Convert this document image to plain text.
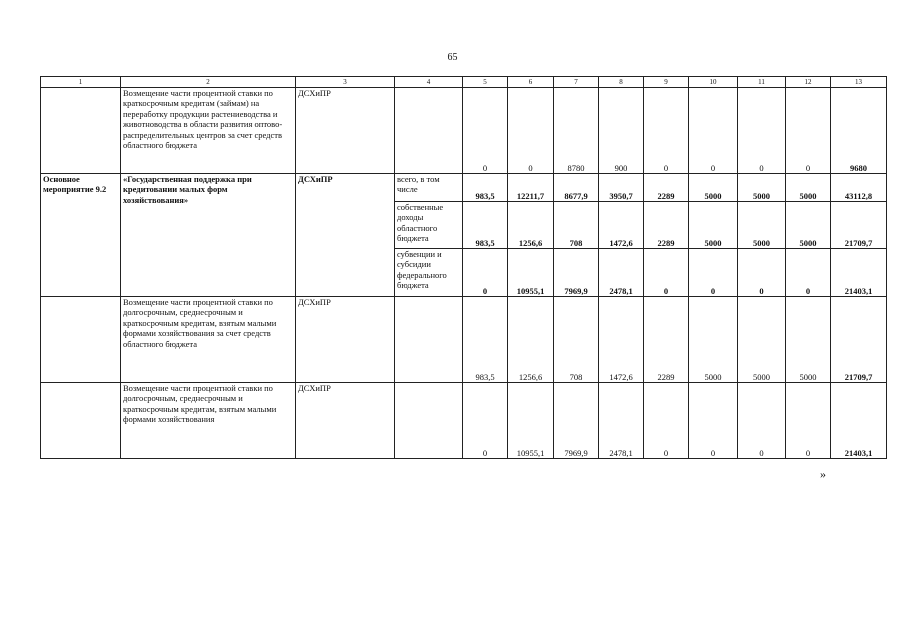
65
1	2	3	4	5	6	7	8	9	10	11	12	13
	Возмещение части процентной ставки по краткосрочным кредитам (займам) на переработку продукции растениеводства и животноводства в области развития оптово-распределительных центров за счет средств областного бюджета	ДСХиПР		0	0	8780	900	0	0	0	0	9680
Основное мероприятие 9.2	«Государственная поддержка при кредитовании малых форм хозяйствования»	ДСХиПР	всего, в том числе	983,5	12211,7	8677,9	3950,7	2289	5000	5000	5000	43112,8
			собственные доходы областного бюджета	983,5	1256,6	708	1472,6	2289	5000	5000	5000	21709,7
			субвенции и субсидии федерального бюджета	0	10955,1	7969,9	2478,1	0	0	0	0	21403,1
	Возмещение части процентной ставки по долгосрочным, среднесрочным и краткосрочным кредитам, взятым малыми формами хозяйствования за счет средств областного бюджета	ДСХиПР		983,5	1256,6	708	1472,6	2289	5000	5000	5000	21709,7
	Возмещение части процентной ставки по долгосрочным, среднесрочным и краткосрочным кредитам, взятым малыми формами хозяйствования	ДСХиПР		0	10955,1	7969,9	2478,1	0	0	0	0	21403,1
»
